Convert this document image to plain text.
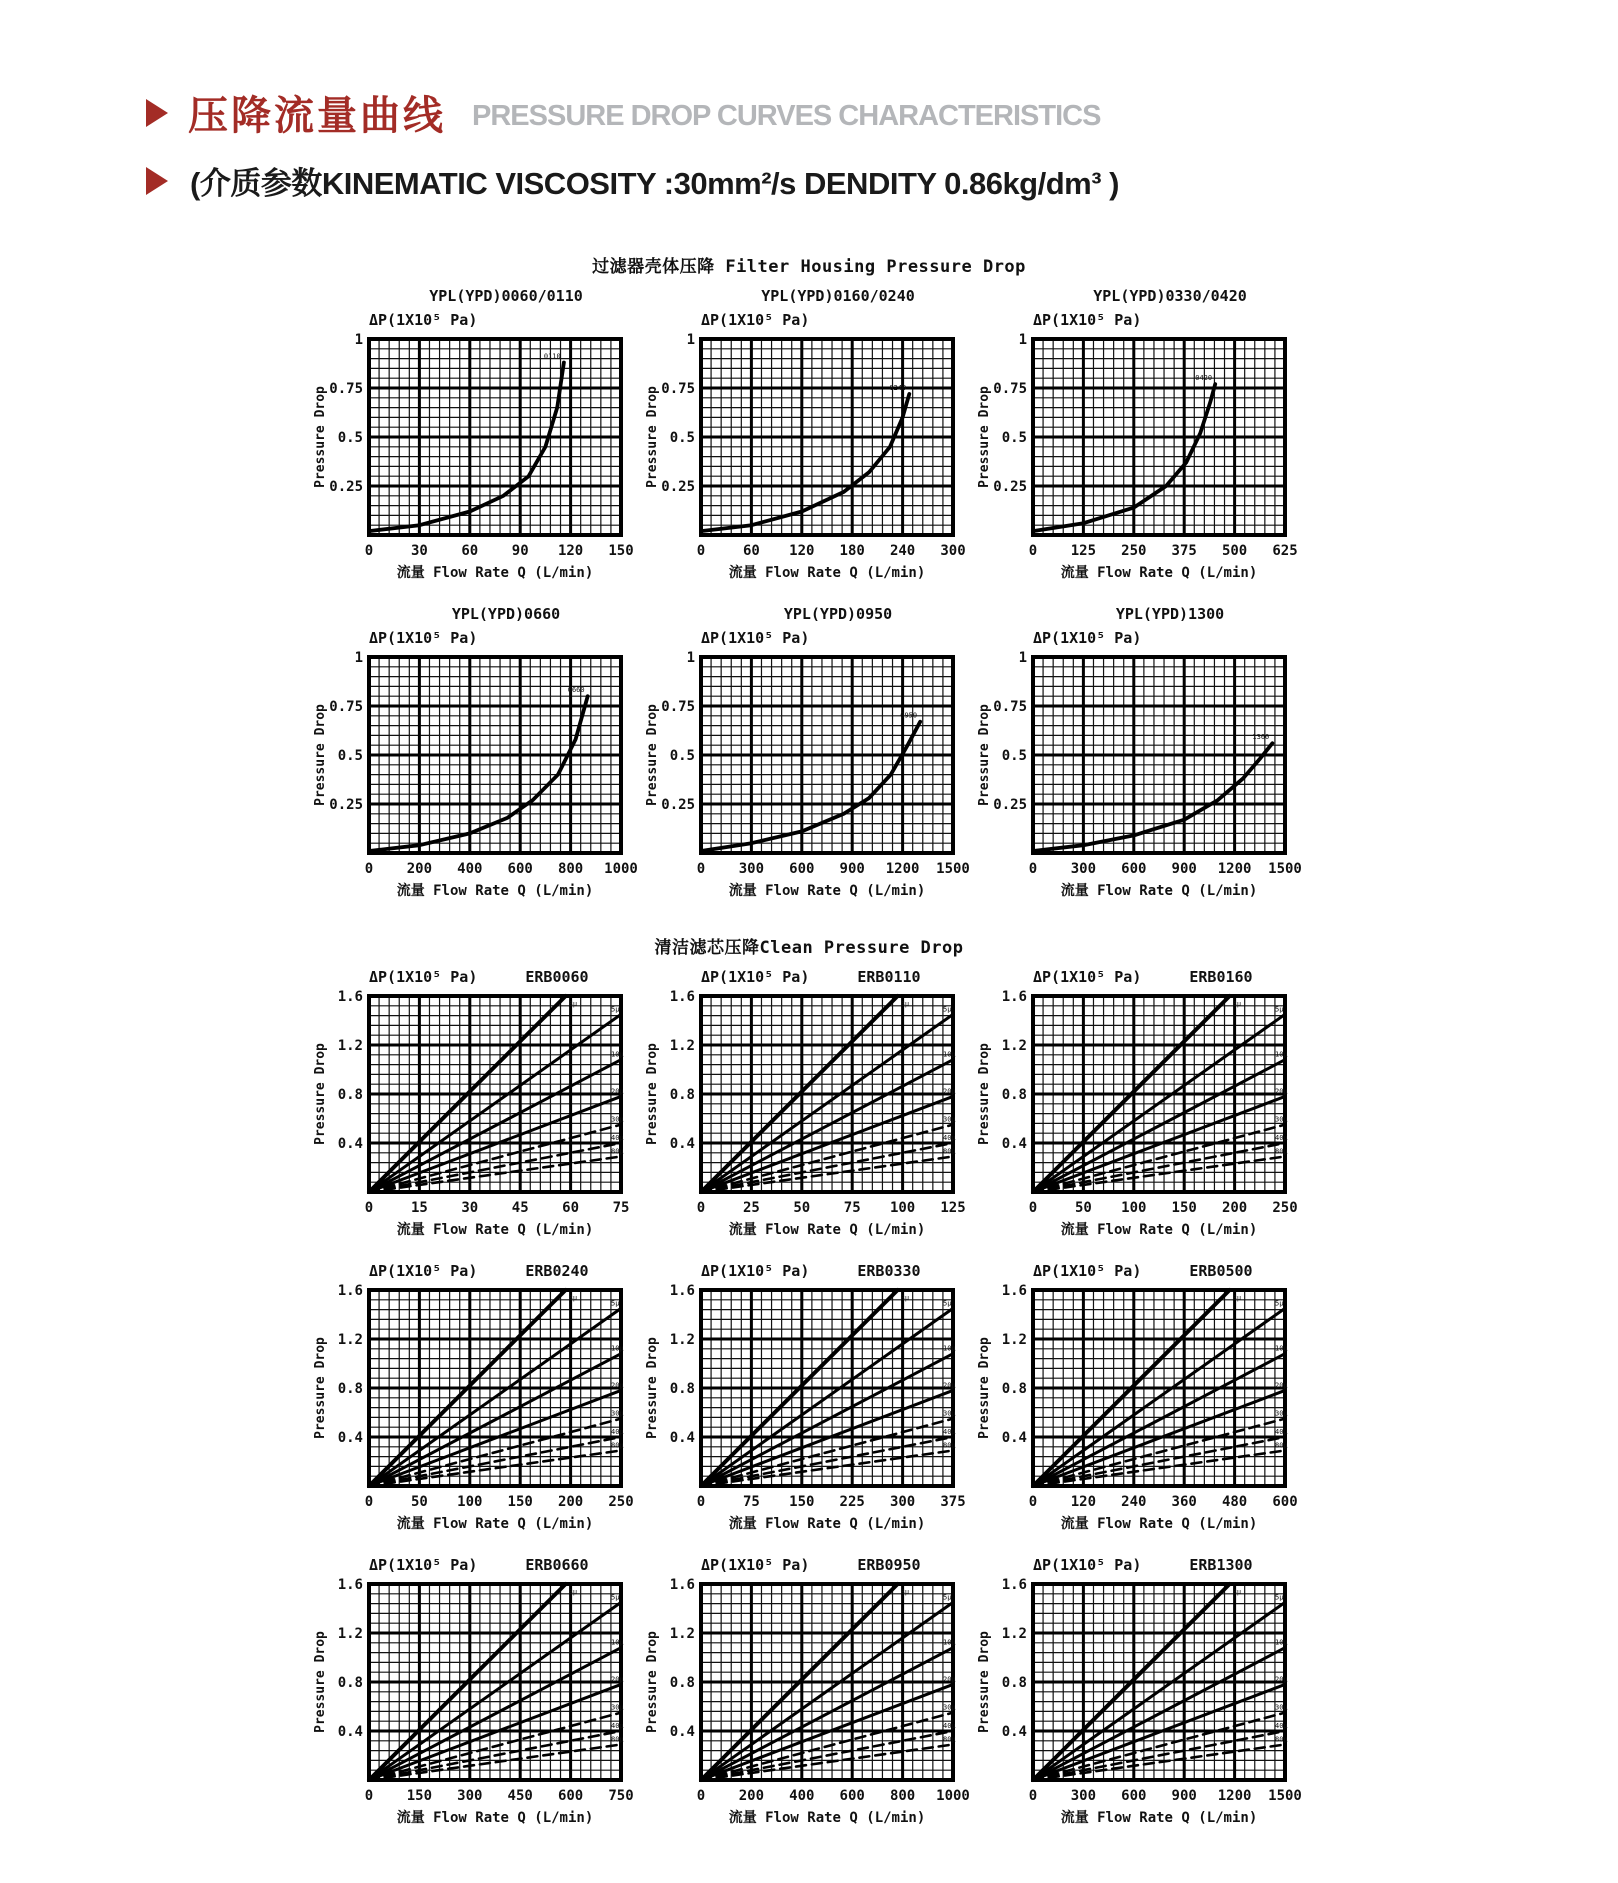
压降流量曲线 PRESSURE DROP CURVES CHARACTERISTICS
(介质参数KINEMATIC VISCOSITY :30mm²/s DENDITY 0.86kg/dm³ )
过滤器壳体压降 Filter Housing Pressure Drop
YPL(YPD)0060/0110
ΔP(1X10⁵ Pa)
0.25
0.5
0.75
1
Pressure Drop
0	30 60 90 120 150
流量 Flow Rate Q (L/min)
0110
YPL(YPD)0160/0240
ΔP(1X10⁵ Pa)
0.25
0.5
0.75
1
Pressure Drop
0	60 120 180 240 300
流量 Flow Rate Q (L/min)
0240
YPL(YPD)0330/0420
ΔP(1X10⁵ Pa)
0.25
0.5
0.75
1
Pressure Drop
0 125 250 375 500 625
流量 Flow Rate Q (L/min)
0420
YPL(YPD)0660
ΔP(1X10⁵ Pa)
0.25
0.5
0.75
1
Pressure Drop
0 200 400 600 800 1000
流量 Flow Rate Q (L/min)
0660
YPL(YPD)0950
ΔP(1X10⁵ Pa)
0.25
0.5
0.75
1
Pressure Drop
0 300 600 900 1200 1500
流量 Flow Rate Q (L/min)
0950
YPL(YPD)1300
ΔP(1X10⁵ Pa)
0.25
0.5
0.75
1
Pressure Drop
0 300 600 900 1200 1500
流量 Flow Rate Q (L/min)
1300
清洁滤芯压降Clean Pressure Drop
ΔP(1X10⁵ Pa)	ERB0060
0.4
0.8
1.2
1.6
Pressure Drop
0	15 30 45 60 75
流量 Flow Rate Q (L/min)
3μ
5μ
10μ
20μ
30μ
40μ
80μ
ΔP(1X10⁵ Pa)	ERB0110
0.4
0.8
1.2
1.6
Pressure Drop
0	25 50 75 100 125
流量 Flow Rate Q (L/min)
3μ
5μ
10μ
20μ
30μ
40μ
80μ
ΔP(1X10⁵ Pa)	ERB0160
0.4
0.8
1.2
1.6
Pressure Drop
0	50 100 150 200 250
流量 Flow Rate Q (L/min)
3μ
5μ
10μ
20μ
30μ
40μ
80μ
ΔP(1X10⁵ Pa)	ERB0240
0.4
0.8
1.2
1.6
Pressure Drop
0	50 100 150 200 250
流量 Flow Rate Q (L/min)
3μ
5μ
10μ
20μ
30μ
40μ
80μ
ΔP(1X10⁵ Pa)	ERB0330
0.4
0.8
1.2
1.6
Pressure Drop
0	75 150 225 300 375
流量 Flow Rate Q (L/min)
3μ
5μ
10μ
20μ
30μ
40μ
80μ
ΔP(1X10⁵ Pa)	ERB0500
0.4
0.8
1.2
1.6
Pressure Drop
0 120 240 360 480 600
流量 Flow Rate Q (L/min)
3μ
5μ
10μ
20μ
30μ
40μ
80μ
ΔP(1X10⁵ Pa)	ERB0660
0.4
0.8
1.2
1.6
Pressure Drop
0 150 300 450 600 750
流量 Flow Rate Q (L/min)
3μ
5μ
10μ
20μ
30μ
40μ
80μ
ΔP(1X10⁵ Pa)	ERB0950
0.4
0.8
1.2
1.6
Pressure Drop
0 200 400 600 800 1000
流量 Flow Rate Q (L/min)
3μ
5μ
10μ
20μ
30μ
40μ
80μ
ΔP(1X10⁵ Pa)	ERB1300
0.4
0.8
1.2
1.6
Pressure Drop
0 300 600 900 1200 1500
流量 Flow Rate Q (L/min)
3μ
5μ
10μ
20μ
30μ
40μ
80μ
